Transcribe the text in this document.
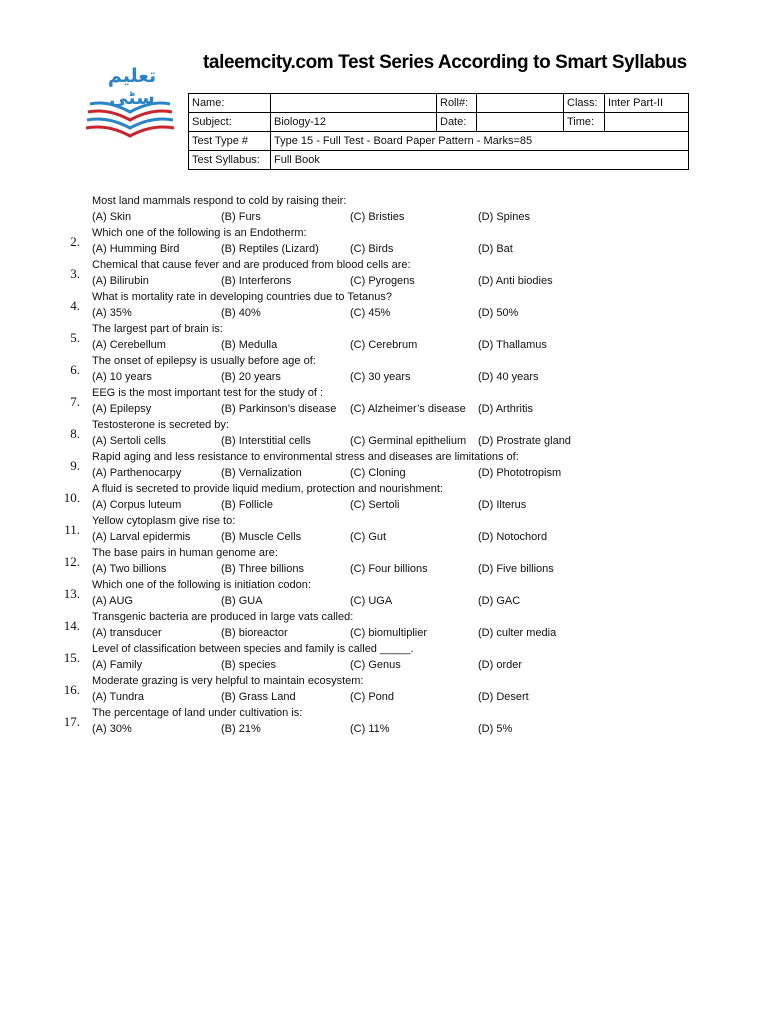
تعلیم
سٹی
taleemcity.com Test Series According to Smart Syllabus
Name:		Roll#:		Class:	Inter Part-II
Subject:	Biology-12	Date:		Time:	
Test Type #	Type 15 - Full Test - Board Paper Pattern - Marks=85				
Test Syllabus:	Full Book				
Most land mammals respond to cold by raising their:
(A) Skin	(B) Furs	(C) Bristies	(D) Spines
2.
Which one of the following is an Endotherm:
(A) Humming Bird	(B) Reptiles (Lizard)	(C) Birds	(D) Bat
3.
Chemical that cause fever and are produced from blood cells are:
(A) Bilirubin	(B) Interferons	(C) Pyrogens	(D) Anti biodies
4.
What is mortality rate in developing countries due to Tetanus?
(A) 35%	(B) 40%	(C) 45%	(D) 50%
5.
The largest part of brain is:
(A) Cerebellum	(B) Medulla	(C) Cerebrum	(D) Thallamus
6.
The onset of epilepsy is usually before age of:
(A) 10 years	(B) 20 years	(C) 30 years	(D) 40 years
7.
EEG is the most important test for the study of :
(A) Epilepsy	(B) Parkinson’s disease (C) Alzheimer’s disease (D) Arthritis
8.
Testosterone is secreted by:
(A) Sertoli cells	(B) Interstitial cells	(C) Germinal epithelium (D) Prostrate gland
9.
Rapid aging and less resistance to environmental stress and diseases are limitations of:
(A) Parthenocarpy	(B) Vernalization	(C) Cloning	(D) Phototropism
10.
A fluid is secreted to provide liquid medium, protection and nourishment:
(A) Corpus luteum	(B) Follicle	(C) Sertoli	(D) Ilterus
11.
Yellow cytoplasm give rise to:
(A) Larval epidermis	(B) Muscle Cells	(C) Gut	(D) Notochord
12.
The base pairs in human genome are:
(A) Two billions	(B) Three billions	(C) Four billions	(D) Five billions
13.
Which one of the following is initiation codon:
(A) AUG	(B) GUA	(C) UGA	(D) GAC
14.
Transgenic bacteria are produced in large vats called:
(A) transducer	(B) bioreactor	(C) biomultiplier	(D) culter media
15.
Level of classification between species and family is called _____.
(A) Family	(B) species	(C) Genus	(D) order
16.
Moderate grazing is very helpful to maintain ecosystem:
(A) Tundra	(B) Grass Land	(C) Pond	(D) Desert
17.
The percentage of land under cultivation is:
(A) 30%	(B) 21%	(C) 11%	(D) 5%
